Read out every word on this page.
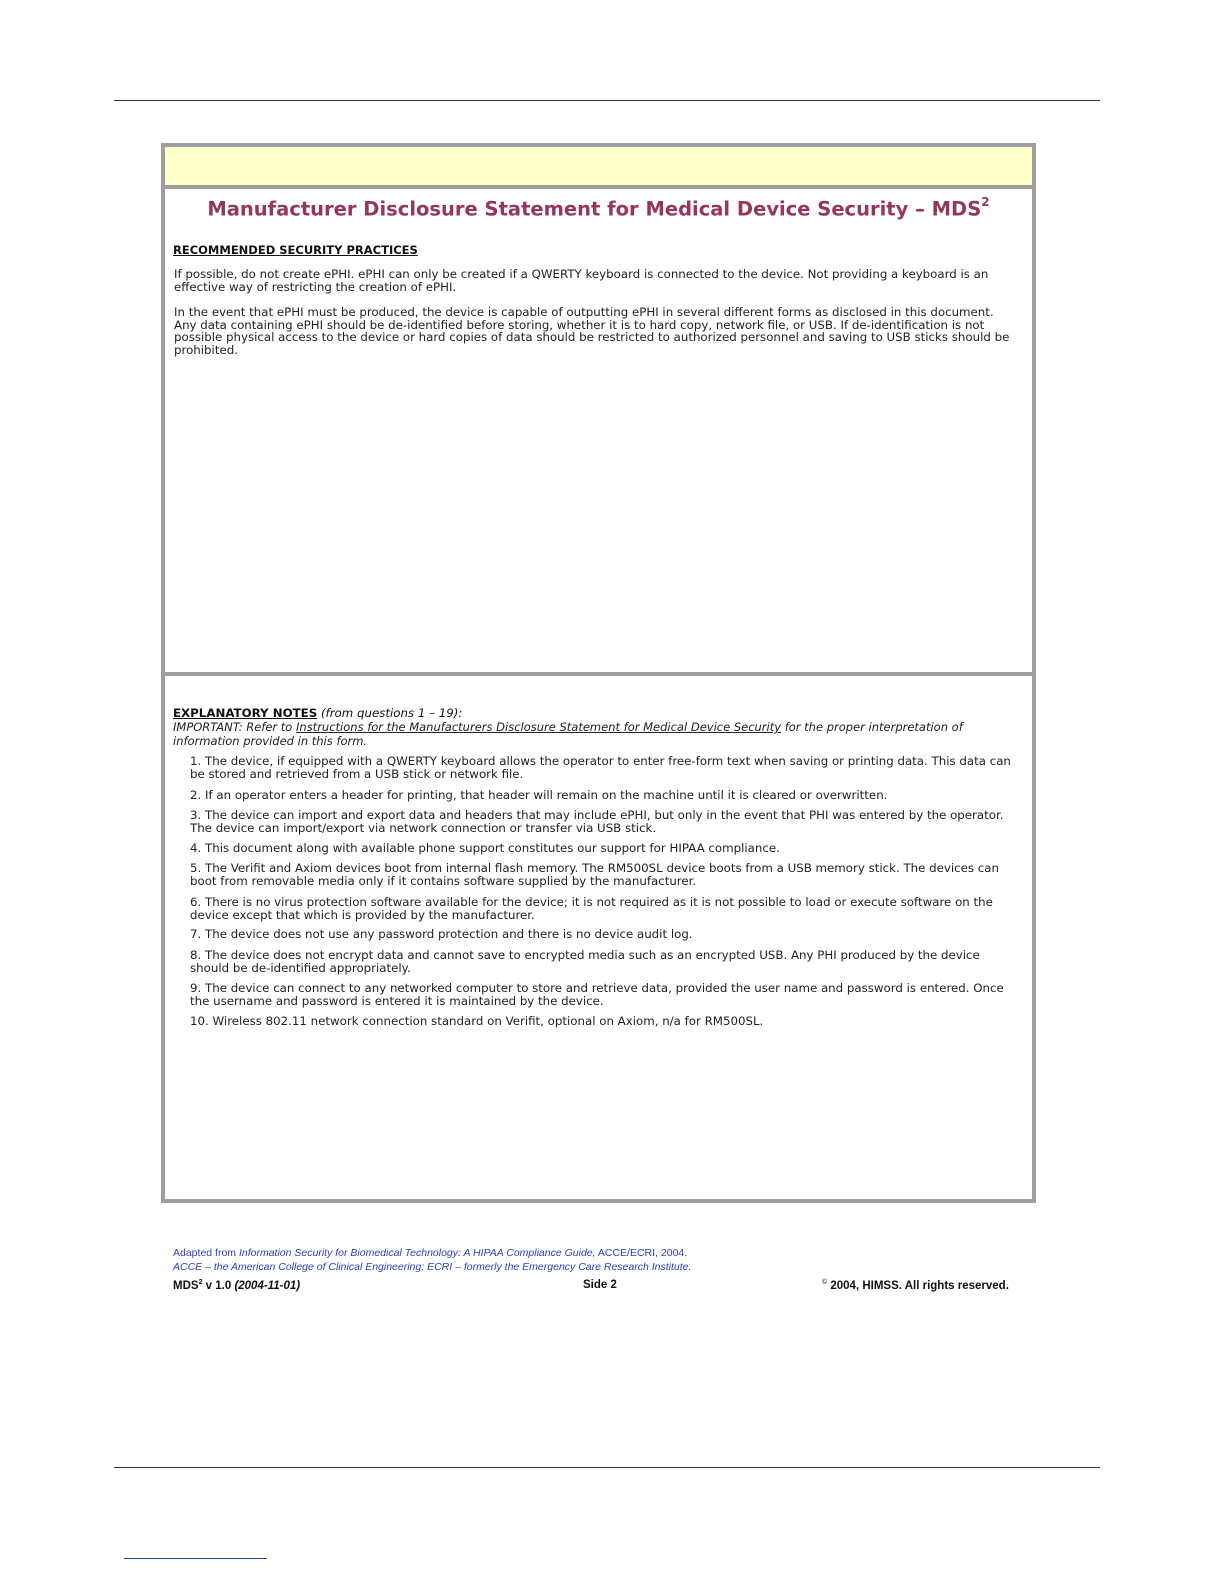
Manufacturer Disclosure Statement for Medical Device Security – MDS$^2$
RECOMMENDED SECURITY PRACTICES
If possible, do not create ePHI. ePHI can only be created if a QWERTY keyboard is connected to the device. Not providing a keyboard is an effective way of restricting the creation of ePHI.
In the event that ePHI must be produced, the device is capable of outputting ePHI in several different forms as disclosed in this document. Any data containing ePHI should be de-identified before storing, whether it is to hard copy, network file, or USB. If de-identification is not possible physical access to the device or hard copies of data should be restricted to authorized personnel and saving to USB sticks should be prohibited.
EXPLANATORY NOTES (from questions 1 – 19):
IMPORTANT: Refer to Instructions for the Manufacturers Disclosure Statement for Medical Device Security for the proper interpretation of information provided in this form.
1. The device, if equipped with a QWERTY keyboard allows the operator to enter free-form text when saving or printing data. This data can be stored and retrieved from a USB stick or network file.
2. If an operator enters a header for printing, that header will remain on the machine until it is cleared or overwritten.
3. The device can import and export data and headers that may include ePHI, but only in the event that PHI was entered by the operator. The device can import/export via network connection or transfer via USB stick.
4. This document along with available phone support constitutes our support for HIPAA compliance.
5. The Verifit and Axiom devices boot from internal flash memory. The RM500SL device boots from a USB memory stick. The devices can boot from removable media only if it contains software supplied by the manufacturer.
6. There is no virus protection software available for the device; it is not required as it is not possible to load or execute software on the device except that which is provided by the manufacturer.
7. The device does not use any password protection and there is no device audit log.
8. The device does not encrypt data and cannot save to encrypted media such as an encrypted USB. Any PHI produced by the device should be de-identified appropriately.
9. The device can connect to any networked computer to store and retrieve data, provided the user name and password is entered. Once the username and password is entered it is maintained by the device.
10. Wireless 802.11 network connection standard on Verifit, optional on Axiom, n/a for RM500SL.
Adapted from Information Security for Biomedical Technology: A HIPAA Compliance Guide, ACCE/ECRI, 2004.
ACCE – the American College of Clinical Engineering; ECRI – formerly the Emergency Care Research Institute.
MDS$^2$ v 1.0 (2004-11-01)	Side 2	© 2004, HIMSS. All rights reserved.
